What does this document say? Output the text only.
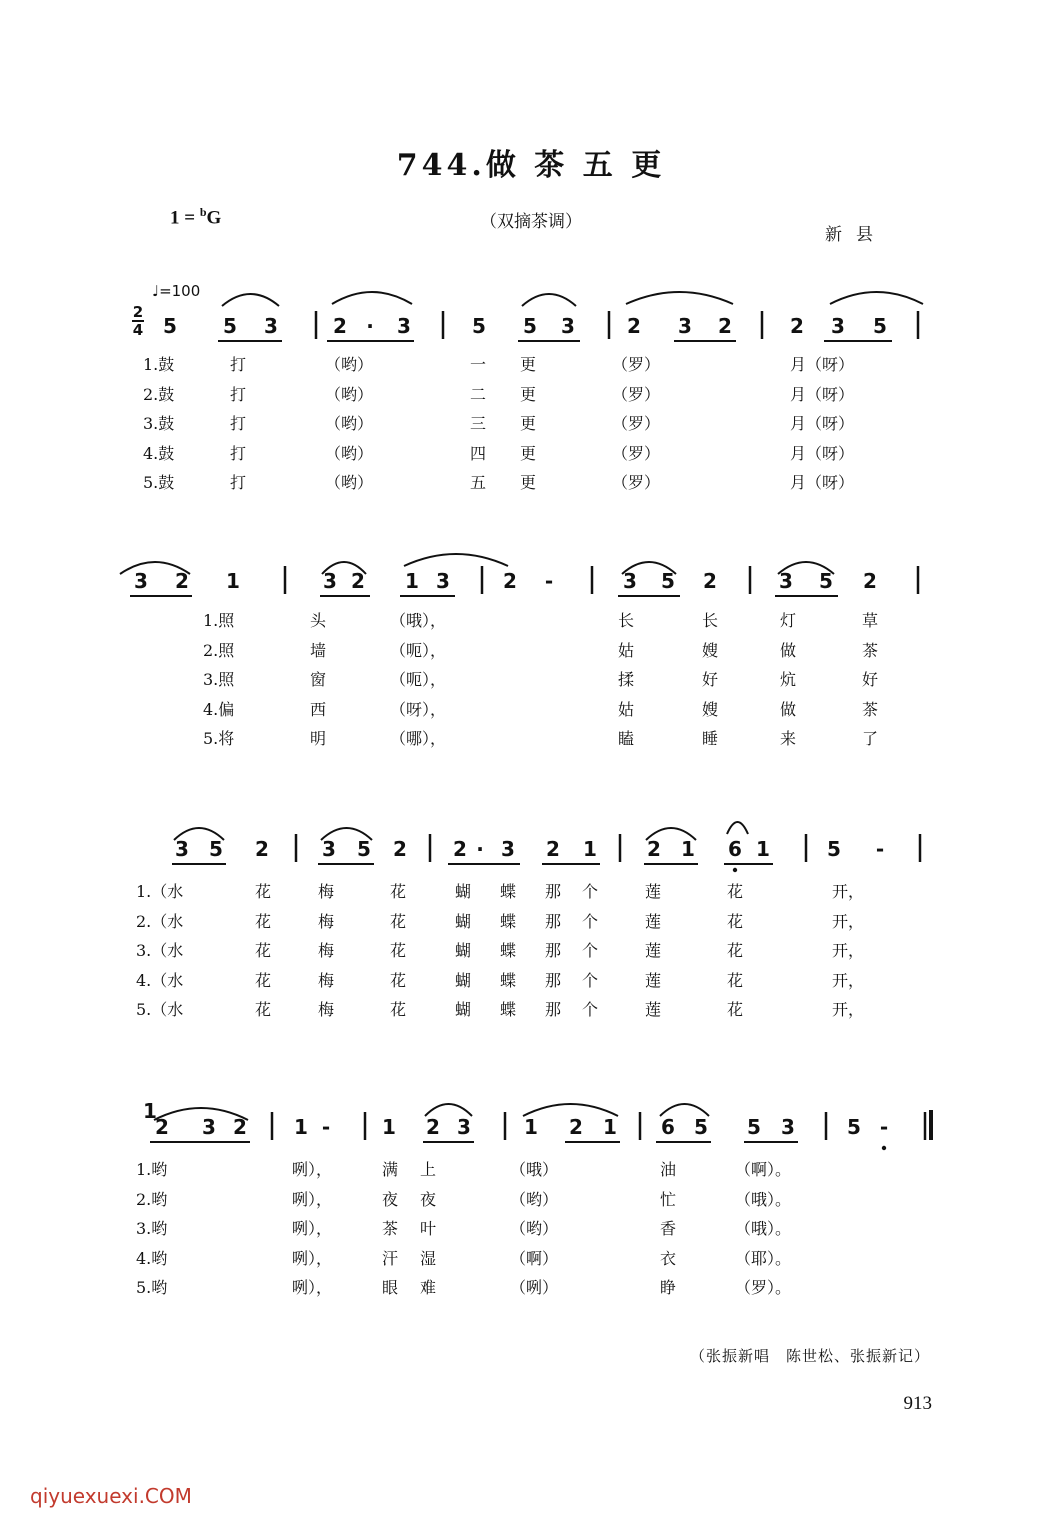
744.做 茶 五 更
1 = $^b$G	（双摘茶调）
新县
♩=100
2
4 5 5 3	2 · 3	5 5 3	2 3 2	2 3 5
3 2 1	3 2 1 3	2 -	3 5 2	3 5 2
3 5 2	3 5 2 2 · 3 2 1	2 1 6 1	5 -
2 3 2 1 -	1 2 3	1 2 1 6 5 5 3	5 -
1
1.鼓	打	（哟）	一 更	（罗）	月（呀）
2.鼓	打	（哟）	二 更	（罗）	月（呀）
3.鼓	打	（哟）	三 更	（罗）	月（呀）
4.鼓	打	（哟）	四 更	（罗）	月（呀）
5.鼓	打	（哟）	五 更	（罗）	月（呀）
1.照	头	（哦），	长	长	灯	草
2.照	墙	（呃），	姑	嫂	做	茶
3.照	窗	（呃），	揉	好	炕	好
4.偏	西	（呀），	姑	嫂	做	茶
5.将	明	（哪），	瞌	睡	来	了
1.（水	花	梅	花	蝴 蝶 那 个	莲	花	开，
2.（水	花	梅	花	蝴 蝶 那 个	莲	花	开，
3.（水	花	梅	花	蝴 蝶 那 个	莲	花	开，
4.（水	花	梅	花	蝴 蝶 那 个	莲	花	开，
5.（水	花	梅	花	蝴 蝶 那 个	莲	花	开，
1.哟	咧），	满 上	（哦）	油	（啊）。
2.哟	咧），	夜 夜	（哟）	忙	（哦）。
3.哟	咧），	茶 叶	（哟）	香	（哦）。
4.哟	咧），	汗 湿	（啊）	衣	（耶）。
5.哟	咧），	眼 难	（咧）	睁	（罗）。
（张振新唱　陈世松、张振新记）
913
qiyuexuexi.COM
